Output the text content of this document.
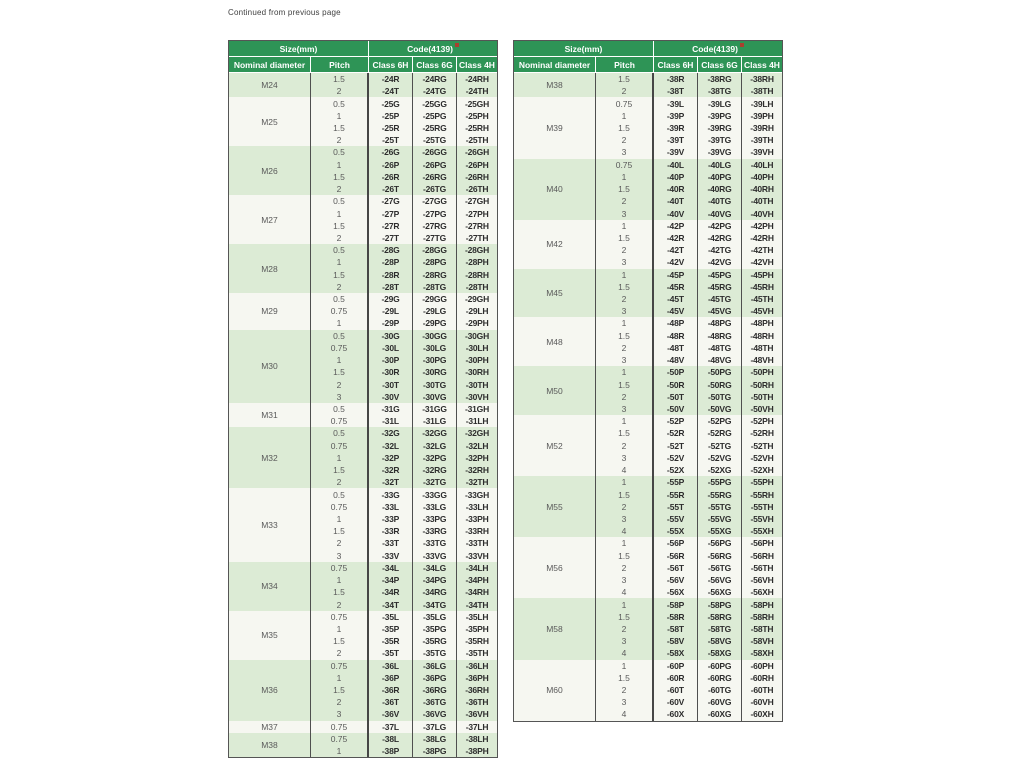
Continued from previous page
Size(mm)	Code(4139)
Nominal diameter	Pitch	Class 6H Class 6G Class 4H
M24
1.5	-24R	-24RG	-24RH
2	-24T	-24TG	-24TH
M25
0.5	-25G	-25GG	-25GH
1	-25P	-25PG	-25PH
1.5	-25R	-25RG	-25RH
2	-25T	-25TG	-25TH
M26
0.5	-26G	-26GG	-26GH
1	-26P	-26PG	-26PH
1.5	-26R	-26RG	-26RH
2	-26T	-26TG	-26TH
M27
0.5	-27G	-27GG	-27GH
1	-27P	-27PG	-27PH
1.5	-27R	-27RG	-27RH
2	-27T	-27TG	-27TH
M28
0.5	-28G	-28GG	-28GH
1	-28P	-28PG	-28PH
1.5	-28R	-28RG	-28RH
2	-28T	-28TG	-28TH
M29
0.5	-29G	-29GG	-29GH
0.75	-29L	-29LG	-29LH
1	-29P	-29PG	-29PH
M30
0.5	-30G	-30GG	-30GH
0.75	-30L	-30LG	-30LH
1	-30P	-30PG	-30PH
1.5	-30R	-30RG	-30RH
2	-30T	-30TG	-30TH
3	-30V	-30VG	-30VH
M31
0.5	-31G	-31GG	-31GH
0.75	-31L	-31LG	-31LH
M32
0.5	-32G	-32GG	-32GH
0.75	-32L	-32LG	-32LH
1	-32P	-32PG	-32PH
1.5	-32R	-32RG	-32RH
2	-32T	-32TG	-32TH
M33
0.5	-33G	-33GG	-33GH
0.75	-33L	-33LG	-33LH
1	-33P	-33PG	-33PH
1.5	-33R	-33RG	-33RH
2	-33T	-33TG	-33TH
3	-33V	-33VG	-33VH
M34
0.75	-34L	-34LG	-34LH
1	-34P	-34PG	-34PH
1.5	-34R	-34RG	-34RH
2	-34T	-34TG	-34TH
M35
0.75	-35L	-35LG	-35LH
1	-35P	-35PG	-35PH
1.5	-35R	-35RG	-35RH
2	-35T	-35TG	-35TH
M36
0.75	-36L	-36LG	-36LH
1	-36P	-36PG	-36PH
1.5	-36R	-36RG	-36RH
2	-36T	-36TG	-36TH
3	-36V	-36VG	-36VH
M37	0.75	-37L	-37LG	-37LH
M38
0.75	-38L	-38LG	-38LH
1	-38P	-38PG	-38PH
Size(mm)	Code(4139)
Nominal diameter	Pitch	Class 6H Class 6G Class 4H
M38
1.5	-38R	-38RG	-38RH
2	-38T	-38TG	-38TH
M39
0.75	-39L	-39LG	-39LH
1	-39P	-39PG	-39PH
1.5	-39R	-39RG	-39RH
2	-39T	-39TG	-39TH
3	-39V	-39VG	-39VH
M40
0.75	-40L	-40LG	-40LH
1	-40P	-40PG	-40PH
1.5	-40R	-40RG	-40RH
2	-40T	-40TG	-40TH
3	-40V	-40VG	-40VH
M42
1	-42P	-42PG	-42PH
1.5	-42R	-42RG	-42RH
2	-42T	-42TG	-42TH
3	-42V	-42VG	-42VH
M45
1	-45P	-45PG	-45PH
1.5	-45R	-45RG	-45RH
2	-45T	-45TG	-45TH
3	-45V	-45VG	-45VH
M48
1	-48P	-48PG	-48PH
1.5	-48R	-48RG	-48RH
2	-48T	-48TG	-48TH
3	-48V	-48VG	-48VH
M50
1	-50P	-50PG	-50PH
1.5	-50R	-50RG	-50RH
2	-50T	-50TG	-50TH
3	-50V	-50VG	-50VH
M52
1	-52P	-52PG	-52PH
1.5	-52R	-52RG	-52RH
2	-52T	-52TG	-52TH
3	-52V	-52VG	-52VH
4	-52X	-52XG	-52XH
M55
1	-55P	-55PG	-55PH
1.5	-55R	-55RG	-55RH
2	-55T	-55TG	-55TH
3	-55V	-55VG	-55VH
4	-55X	-55XG	-55XH
M56
1	-56P	-56PG	-56PH
1.5	-56R	-56RG	-56RH
2	-56T	-56TG	-56TH
3	-56V	-56VG	-56VH
4	-56X	-56XG	-56XH
M58
1	-58P	-58PG	-58PH
1.5	-58R	-58RG	-58RH
2	-58T	-58TG	-58TH
3	-58V	-58VG	-58VH
4	-58X	-58XG	-58XH
M60
1	-60P	-60PG	-60PH
1.5	-60R	-60RG	-60RH
2	-60T	-60TG	-60TH
3	-60V	-60VG	-60VH
4	-60X	-60XG	-60XH
